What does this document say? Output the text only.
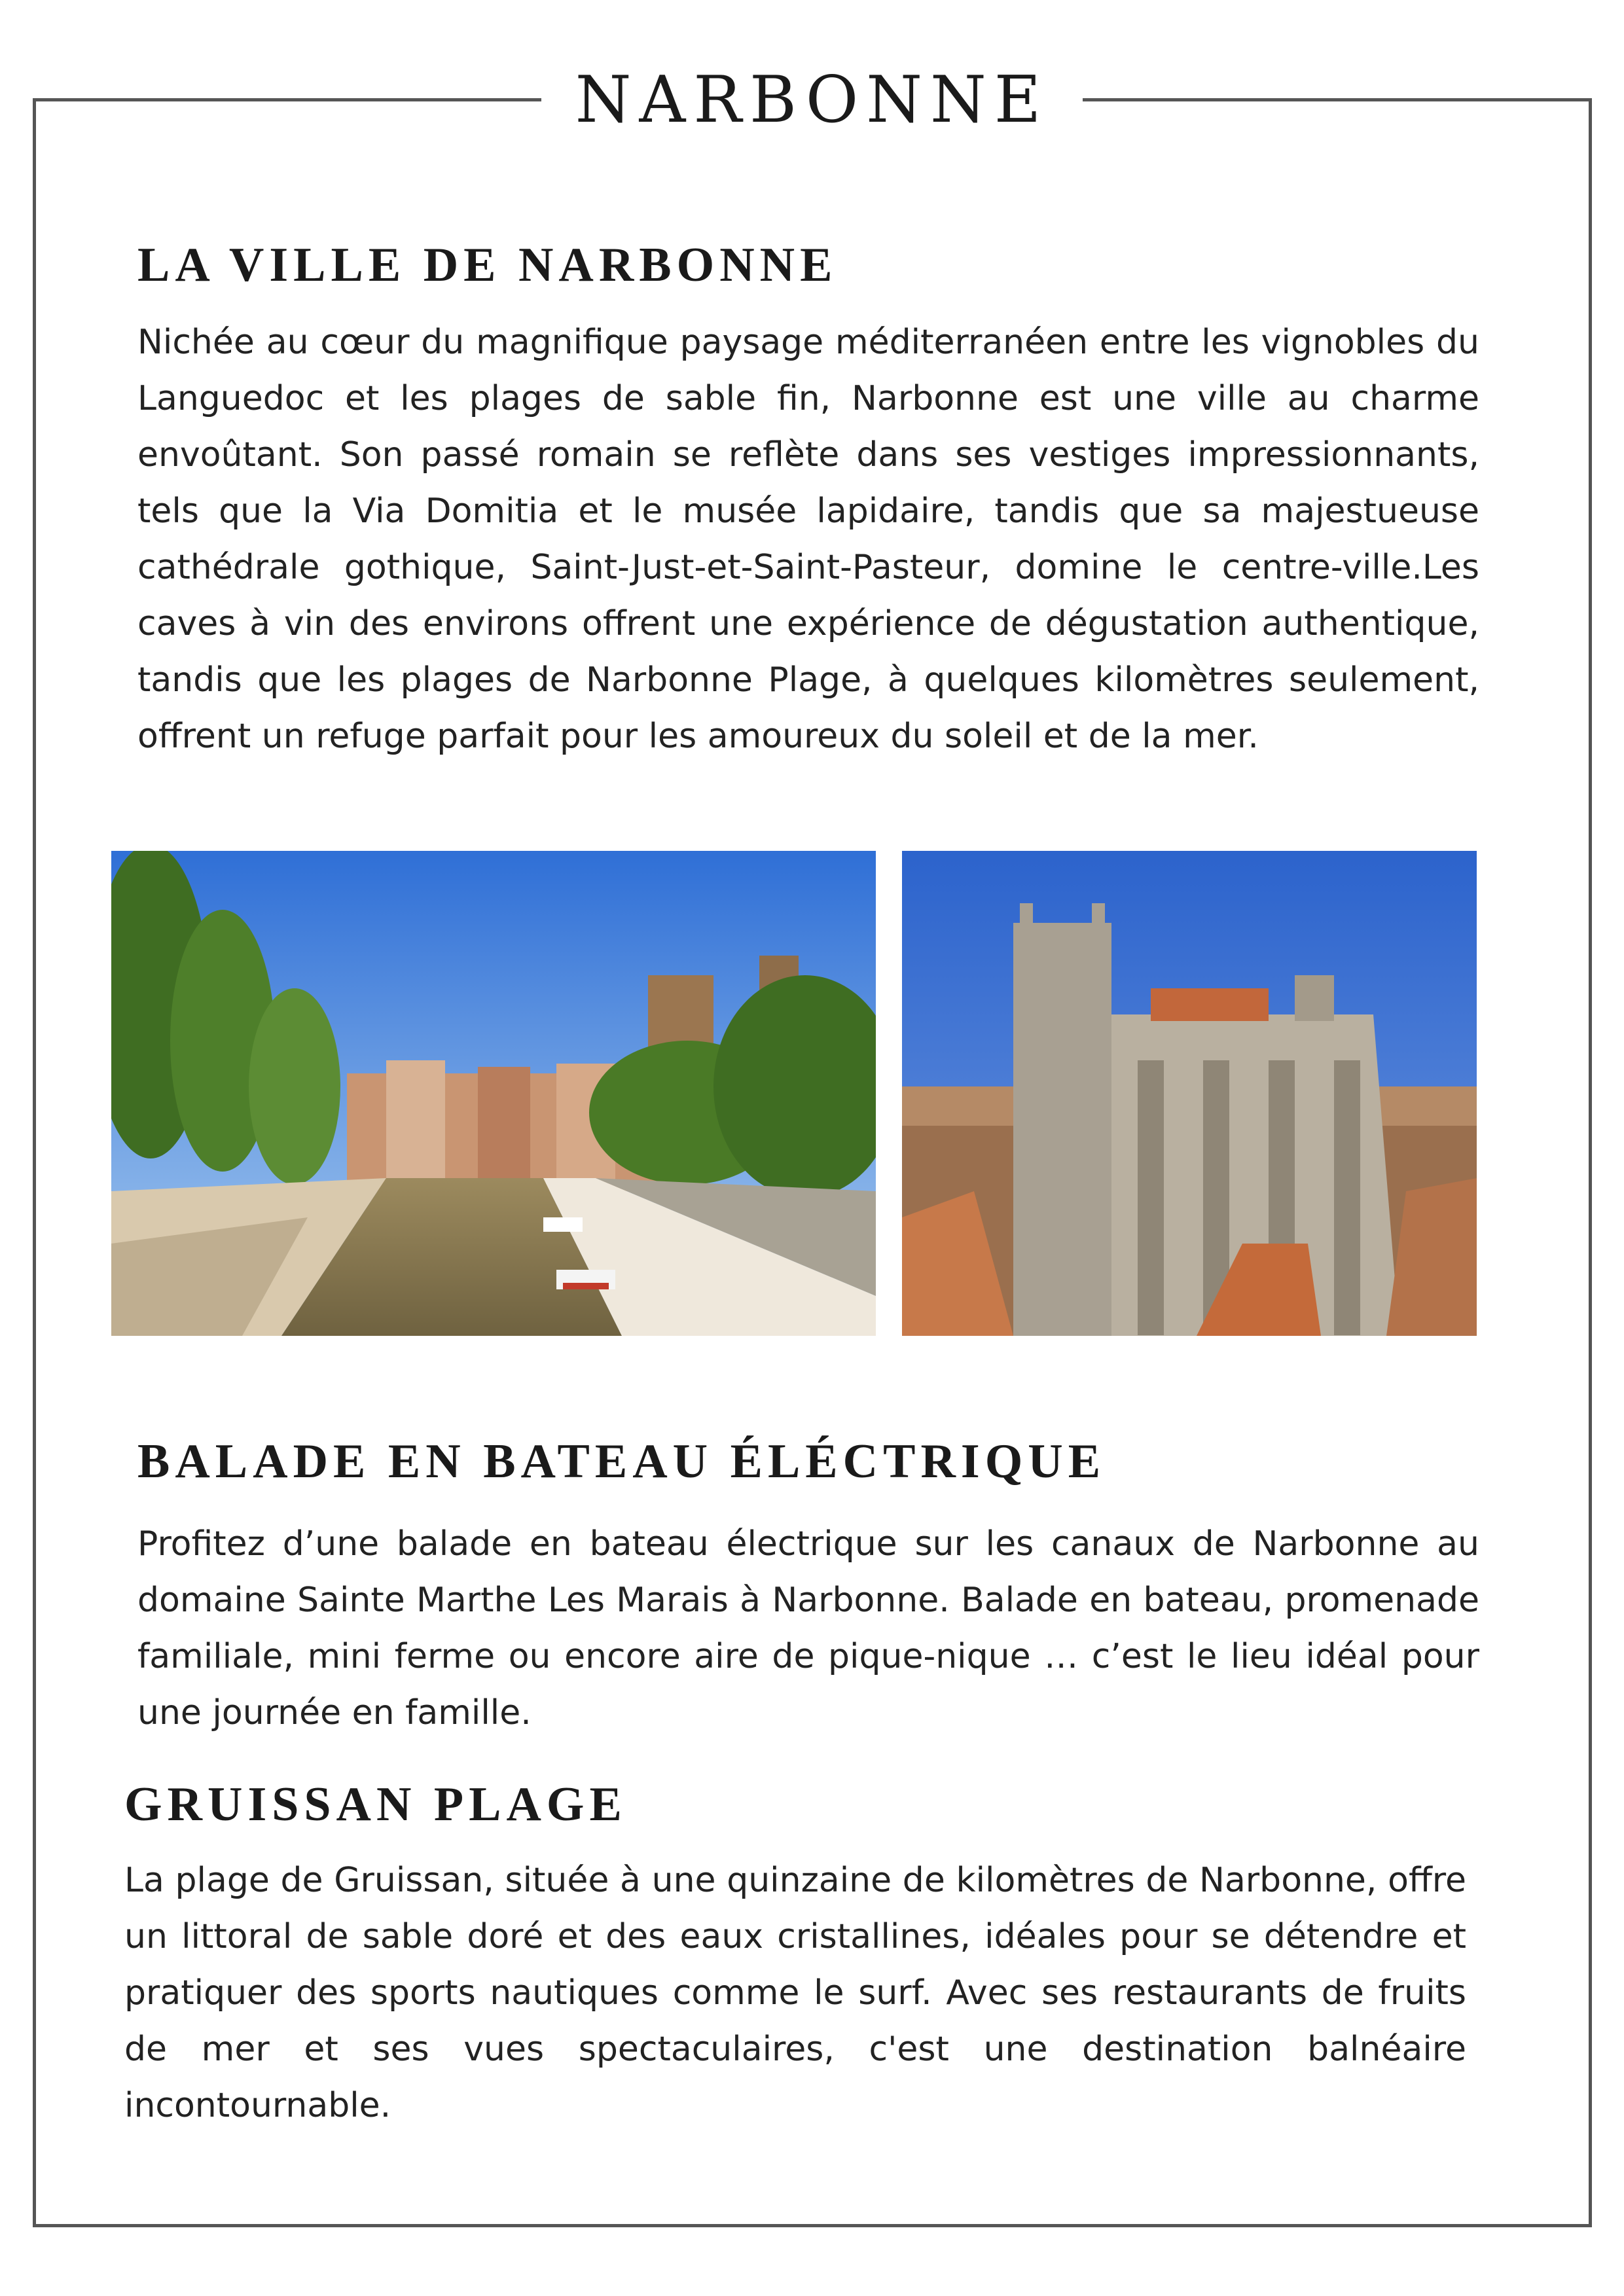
NARBONNE
LA VILLE DE NARBONNE
Nichée au cœur du magnifique paysage méditerranéen entre les vignobles du Languedoc et les plages de sable fin, Narbonne est une ville au charme envoûtant. Son passé romain se reflète dans ses vestiges impressionnants, tels que la Via Domitia et le musée lapidaire, tandis que sa majestueuse cathédrale gothique, Saint-Just-et-Saint-Pasteur, domine le centre-ville.Les caves à vin des environs offrent une expérience de dégustation authentique, tandis que les plages de Narbonne Plage, à quelques kilomètres seulement, offrent un refuge parfait pour les amoureux du soleil et de la mer.
BALADE EN BATEAU ÉLÉCTRIQUE
Profitez d’une balade en bateau électrique sur les canaux de Narbonne au domaine Sainte Marthe Les Marais à Narbonne. Balade en bateau, promenade familiale, mini ferme ou encore aire de pique-nique … c’est le lieu idéal pour une journée en famille.
GRUISSAN PLAGE
La plage de Gruissan, située à une quinzaine de kilomètres de Narbonne, offre un littoral de sable doré et des eaux cristallines, idéales pour se détendre et pratiquer des sports nautiques comme le surf. Avec ses restaurants de fruits de mer et ses vues spectaculaires, c'est une destination balnéaire incontournable.
